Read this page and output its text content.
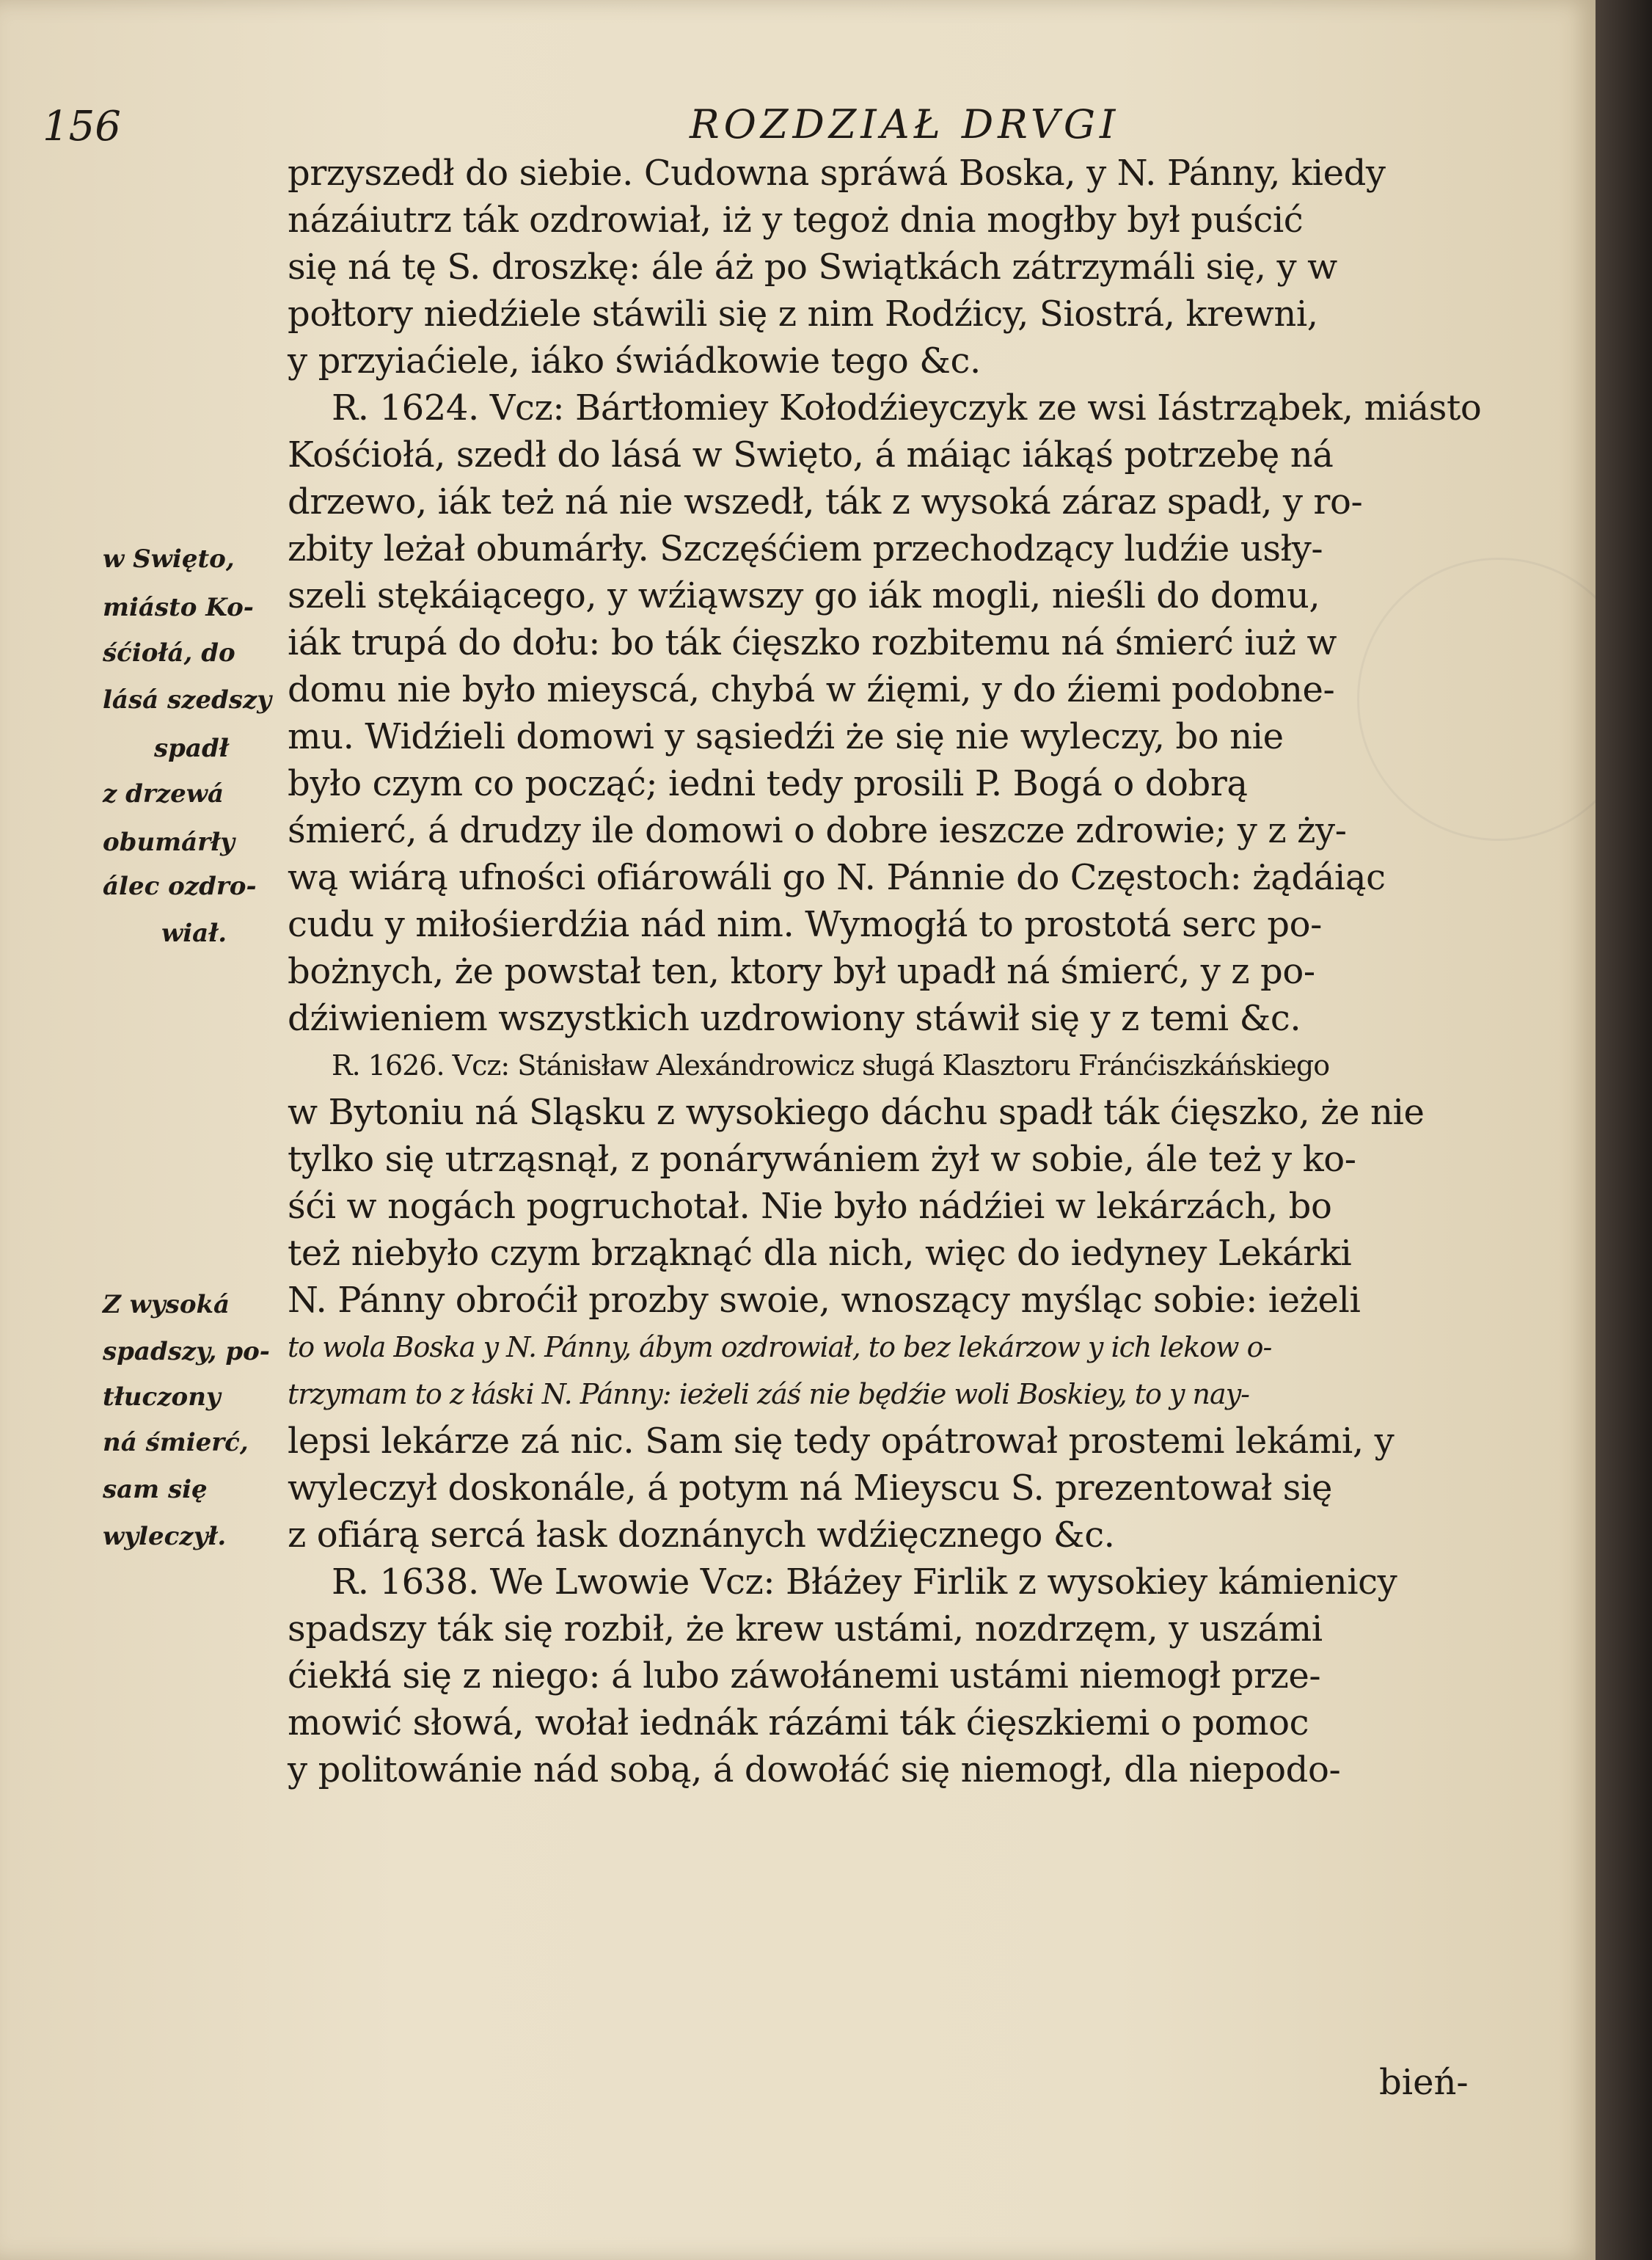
156	ROZDZIAŁ DRVGI
w Swięto,
miásto Ko-
śćiołá, do
lásá szedszy
spadł
z drzewá
obumárły
álec ozdro-
wiał.
Z wysoká
spadszy, po-
tłuczony
ná śmierć,
sam się
wyleczył.
przyszedł do siebie. Cudowna spráwá Boska, y N. Pánny, kiedy
názáiutrz ták ozdrowiał, iż y tegoż dnia mogłby był puścić
się ná tę S. droszkę: ále áż po Swiątkách zátrzymáli się, y w
połtory niedźiele stáwili się z nim Rodźicy, Siostrá, krewni,
y przyiaćiele, iáko świádkowie tego &c.
R. 1624. Vcz: Bártłomiey Kołodźieyczyk ze wsi Iástrząbek, miásto
Kośćiołá, szedł do lásá w Swięto, á máiąc iákąś potrzebę ná
drzewo, iák też ná nie wszedł, ták z wysoká záraz spadł, y ro-
zbity leżał obumárły. Szczęśćiem przechodzący ludźie usły-
szeli stękáiącego, y wźiąwszy go iák mogli, nieśli do domu,
iák trupá do dołu: bo ták ćięszko rozbitemu ná śmierć iuż w
domu nie było mieyscá, chybá w źięmi, y do źiemi podobne-
mu. Widźieli domowi y sąsiedźi że się nie wyleczy, bo nie
było czym co począć; iedni tedy prosili P. Bogá o dobrą
śmierć, á drudzy ile domowi o dobre ieszcze zdrowie; y z ży-
wą wiárą ufności ofiárowáli go N. Pánnie do Częstoch: żądáiąc
cudu y miłośierdźia nád nim. Wymogłá to prostotá serc po-
bożnych, że powstał ten, ktory był upadł ná śmierć, y z po-
dźiwieniem wszystkich uzdrowiony stáwił się y z temi &c.
R. 1626. Vcz: Stánisław Alexándrowicz sługá Klasztoru Fránćiszkáńskiego
w Bytoniu ná Sląsku z wysokiego dáchu spadł ták ćięszko, że nie
tylko się utrząsnął, z ponárywániem żył w sobie, ále też y ko-
śći w nogách pogruchotał. Nie było nádźiei w lekárzách, bo
też niebyło czym brząknąć dla nich, więc do iedyney Lekárki
N. Pánny obroćił prozby swoie, wnoszący myśląc sobie: ieżeli
to wola Boska y N. Pánny, ábym ozdrowiał, to bez lekárzow y ich lekow o-
trzymam to z łáski N. Pánny: ieżeli záś nie będźie woli Boskiey, to y nay-
lepsi lekárze zá nic. Sam się tedy opátrował prostemi lekámi, y
wyleczył doskonále, á potym ná Mieyscu S. prezentował się
z ofiárą sercá łask doznánych wdźięcznego &c.
R. 1638. We Lwowie Vcz: Błáżey Firlik z wysokiey kámienicy
spadszy ták się rozbił, że krew ustámi, nozdrzęm, y uszámi
ćiekłá się z niego: á lubo záwołánemi ustámi niemogł prze-
mowić słowá, wołał iednák rázámi ták ćięszkiemi o pomoc
y politowánie nád sobą, á dowołáć się niemogł, dla niepodo-
bień-
